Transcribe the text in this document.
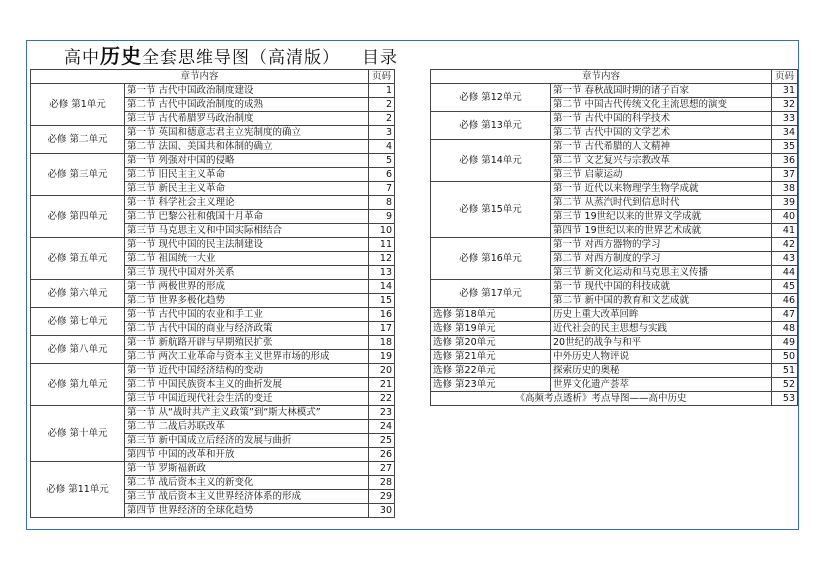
高中历史全套思维导图（高清版） 目录
章节内容		页码
必修 第1单元	第一节 古代中国政治制度建设	1
	第二节 古代中国政治制度的成熟	2
	第三节 古代希腊罗马政治制度	2
必修 第二单元	第一节 英国和德意志君主立宪制度的确立	3
	第二节 法国、美国共和体制的确立	4
必修 第三单元	第一节 列强对中国的侵略	5
	第二节 旧民主主义革命	6
	第三节 新民主主义革命	7
必修 第四单元	第一节 科学社会主义理论	8
	第二节 巴黎公社和俄国十月革命	9
	第三节 马克思主义和中国实际相结合	10
必修 第五单元	第一节 现代中国的民主法制建设	11
	第二节 祖国统一大业	12
	第三节 现代中国对外关系	13
必修 第六单元	第一节 两极世界的形成	14
	第二节 世界多极化趋势	15
必修 第七单元	第一节 古代中国的农业和手工业	16
	第二节 古代中国的商业与经济政策	17
必修 第八单元	第一节 新航路开辟与早期殖民扩张	18
	第二节 两次工业革命与资本主义世界市场的形成	19
必修 第九单元	第一节 近代中国经济结构的变动	20
	第二节 中国民族资本主义的曲折发展	21
	第三节 中国近现代社会生活的变迁	22
必修 第十单元	第一节 从“战时共产主义政策”到“斯大林模式”	23
	第二节 二战后苏联改革	24
	第三节 新中国成立后经济的发展与曲折	25
	第四节 中国的改革和开放	26
必修 第11单元	第一节 罗斯福新政	27
	第二节 战后资本主义的新变化	28
	第三节 战后资本主义世界经济体系的形成	29
	第四节 世界经济的全球化趋势	30
章节内容		页码
必修 第12单元	第一节 春秋战国时期的诸子百家	31
	第二节 中国古代传统文化主流思想的演变	32
必修 第13单元	第一节 古代中国的科学技术	33
	第二节 古代中国的文学艺术	34
必修 第14单元	第一节 古代希腊的人文精神	35
	第二节 文艺复兴与宗教改革	36
	第三节 启蒙运动	37
必修 第15单元	第一节 近代以来物理学生物学成就	38
	第二节 从蒸汽时代到信息时代	39
	第三节 19世纪以来的世界文学成就	40
	第四节 19世纪以来的世界艺术成就	41
必修 第16单元	第一节 对西方器物的学习	42
	第二节 对西方制度的学习	43
	第三节 新文化运动和马克思主义传播	44
必修 第17单元	第一节 现代中国的科技成就	45
	第二节 新中国的教育和文艺成就	46
选修 第18单元	历史上重大改革回眸	47
选修 第19单元	近代社会的民主思想与实践	48
选修 第20单元	20世纪的战争与和平	49
选修 第21单元	中外历史人物评说	50
选修 第22单元	探索历史的奥秘	51
选修 第23单元	世界文化遗产荟萃	52
《高频考点透析》考点导图——高中历史		53
